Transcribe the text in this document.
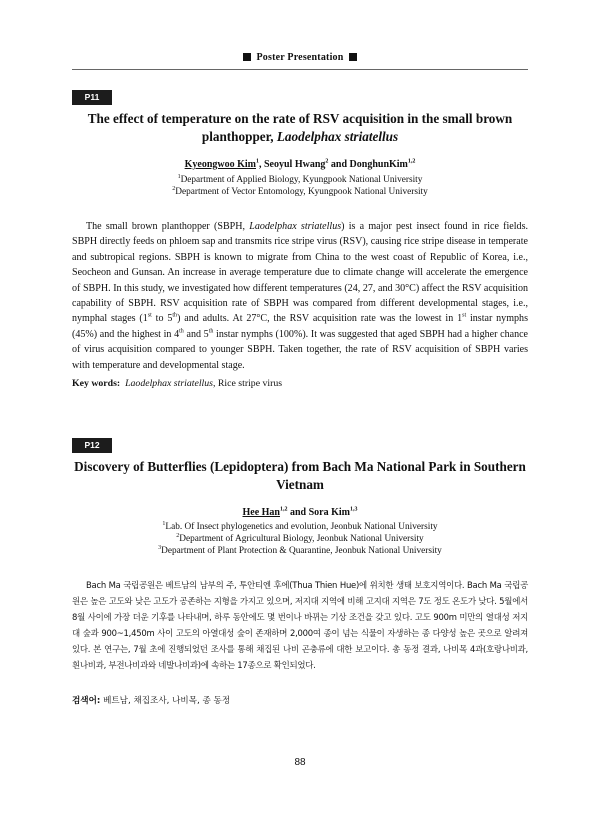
Poster Presentation
P11
The effect of temperature on the rate of RSV acquisition in the small brown planthopper, Laodelphax striatellus
Kyeongwoo Kim$^1$, Seoyul Hwang$^2$ and DonghunKim$^{1,2}$
$^1$Department of Applied Biology, Kyungpook National University
$^2$Department of Vector Entomology, Kyungpook National University

The small brown planthopper (SBPH, Laodelphax striatellus) is a major pest insect found in rice fields. SBPH directly feeds on phloem sap and transmits rice stripe virus (RSV), causing rice stripe disease in temperate and subtropical regions. SBPH is known to migrate from China to the west coast of Republic of Korea, i.e., Seocheon and Gunsan. An increase in average temperature due to climate change will accelerate the emergence of SBPH. In this study, we investigated how different temperatures (24, 27, and 30°C) affect the RSV acquisition capability of SBPH. RSV acquisition rate of SBPH was compared from different developmental stages, i.e., nymphal stages (1st to 5th) and adults. At 27°C, the RSV acquisition rate was the lowest in 1st instar nymphs (45%) and the highest in 4th and 5th instar nymphs (100%). It was suggested that aged SBPH had a higher chance of virus acquisition compared to younger SBPH. Taken together, the rate of RSV acquisition of SBPH varies with temperature and developmental stage.

Key words: Laodelphax striatellus, Rice stripe virus
P12
Discovery of Butterflies (Lepidoptera) from Bach Ma National Park in Southern Vietnam
Hee Han$^{1,2}$ and Sora Kim$^{1,3}$
$^1$Lab. Of Insect phylogenetics and evolution, Jeonbuk National University
$^2$Department of Agricultural Biology, Jeonbuk National University
$^3$Department of Plant Protection & Quarantine, Jeonbuk National University

Bach Ma 국립공원은 베트남의 남부의 주, 투안티엔 후에(Thua Thien Hue)에 위치한 생태 보호지역이다. Bach Ma 국립공원은 높은 고도와 낮은 고도가 공존하는 지형을 가지고 있으며, 저지대 지역에 비해 고지대 지역은 7도 정도 온도가 낮다. 5월에서 8월 사이에 가장 더운 기후를 나타내며, 하루 동안에도 몇 번이나 바뀌는 기상 조건을 갖고 있다. 고도 900m 미만의 열대성 저지대 숲과 900~1,450m 사이 고도의 아열대성 숲이 존재하며 2,000여 종이 넘는 식물이 자생하는 종 다양성 높은 곳으로 알려져 있다. 본 연구는, 7월 초에 진행되었던 조사를 통해 채집된 나비 곤충류에 대한 보고이다. 총 동정 결과, 나비목 4과(호랑나비과, 흰나비과, 부전나비과와 네발나비과)에 속하는 17종으로 확인되었다.

검색어: 베트남, 채집조사, 나비목, 종 동정
88
